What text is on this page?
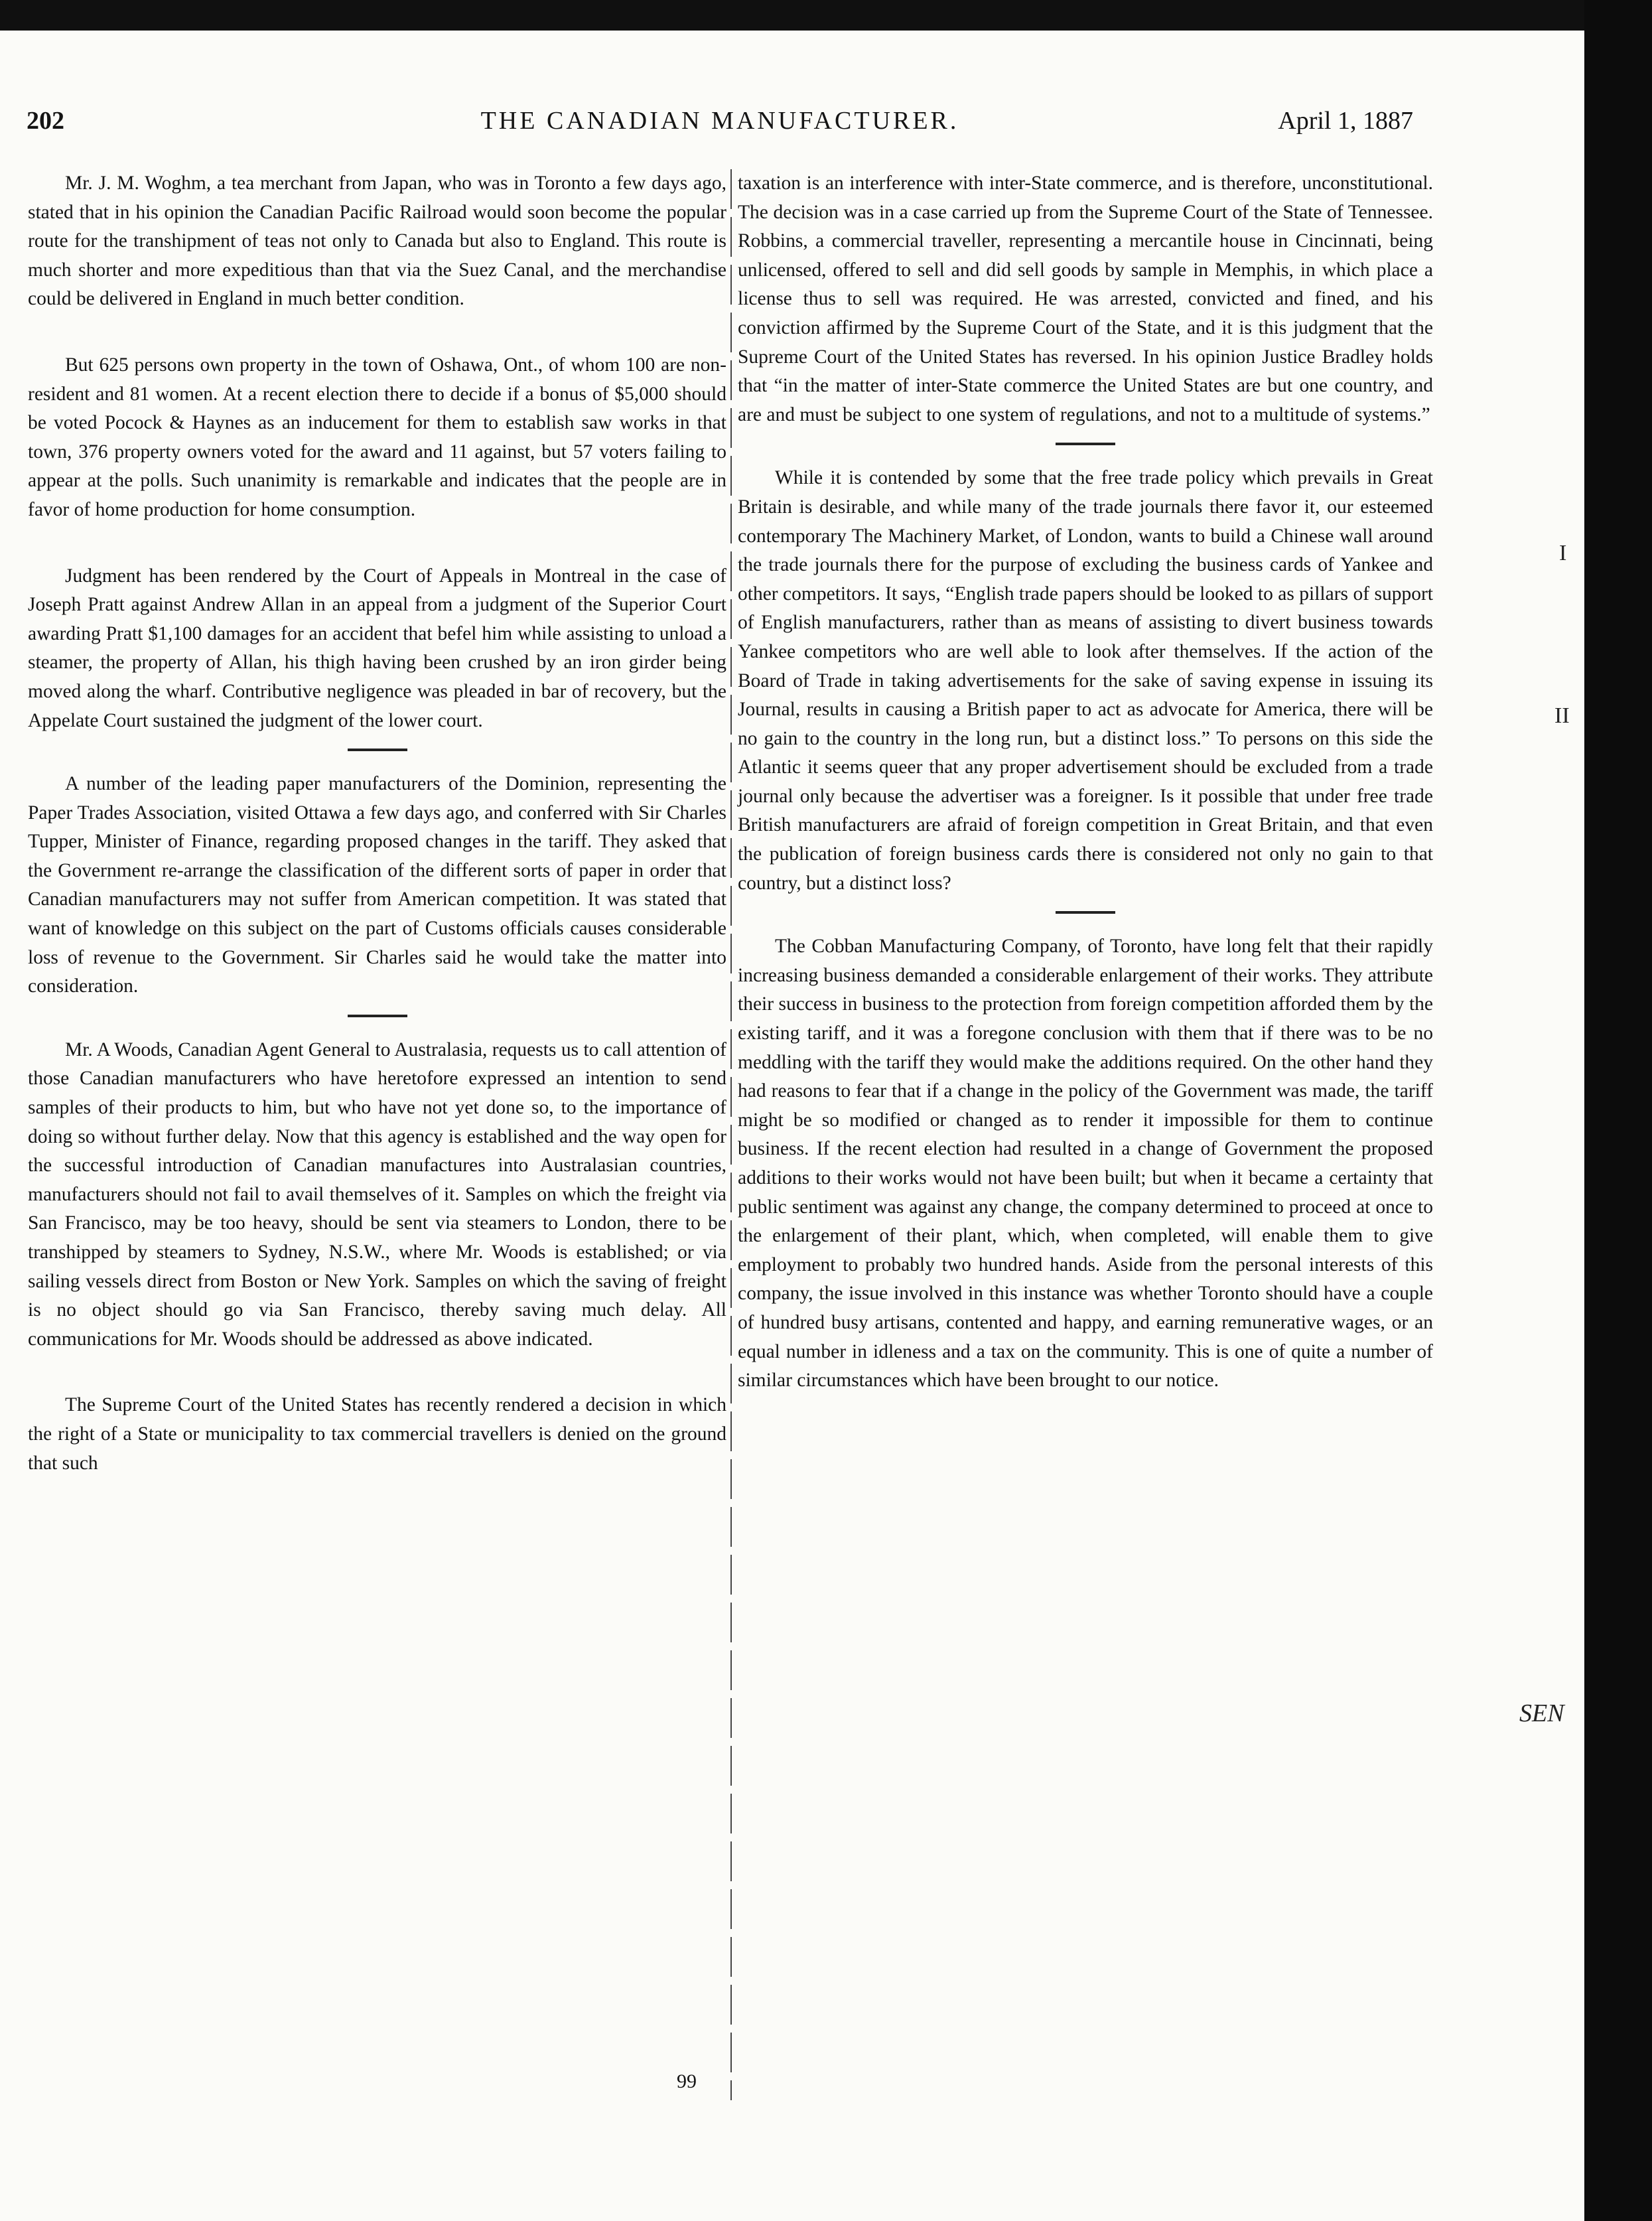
202	THE CANADIAN MANUFACTURER.	April 1, 1887

Mr. J. M. Woghm, a tea merchant from Japan, who was in Toronto a few days ago, stated that in his opinion the Canadian Pacific Railroad would soon become the popular route for the transhipment of teas not only to Canada but also to England. This route is much shorter and more expeditious than that via the Suez Canal, and the merchandise could be delivered in England in much better condition.

But 625 persons own property in the town of Oshawa, Ont., of whom 100 are non-resident and 81 women. At a recent election there to decide if a bonus of $5,000 should be voted Pocock & Haynes as an inducement for them to establish saw works in that town, 376 property owners voted for the award and 11 against, but 57 voters failing to appear at the polls. Such unanimity is remarkable and indicates that the people are in favor of home production for home consumption.

Judgment has been rendered by the Court of Appeals in Montreal in the case of Joseph Pratt against Andrew Allan in an appeal from a judgment of the Superior Court awarding Pratt $1,100 damages for an accident that befel him while assisting to unload a steamer, the property of Allan, his thigh having been crushed by an iron girder being moved along the wharf. Contributive negligence was pleaded in bar of recovery, but the Appelate Court sustained the judgment of the lower court.

A number of the leading paper manufacturers of the Dominion, representing the Paper Trades Association, visited Ottawa a few days ago, and conferred with Sir Charles Tupper, Minister of Finance, regarding proposed changes in the tariff. They asked that the Government re-arrange the classification of the different sorts of paper in order that Canadian manufacturers may not suffer from American competition. It was stated that want of knowledge on this subject on the part of Customs officials causes considerable loss of revenue to the Government. Sir Charles said he would take the matter into consideration.

Mr. A Woods, Canadian Agent General to Australasia, requests us to call attention of those Canadian manufacturers who have heretofore expressed an intention to send samples of their products to him, but who have not yet done so, to the importance of doing so without further delay. Now that this agency is established and the way open for the successful introduction of Canadian manufactures into Australasian countries, manufacturers should not fail to avail themselves of it. Samples on which the freight via San Francisco, may be too heavy, should be sent via steamers to London, there to be transhipped by steamers to Sydney, N.S.W., where Mr. Woods is established; or via sailing vessels direct from Boston or New York. Samples on which the saving of freight is no object should go via San Francisco, thereby saving much delay. All communications for Mr. Woods should be addressed as above indicated.

The Supreme Court of the United States has recently rendered a decision in which the right of a State or municipality to tax commercial travellers is denied on the ground that such

taxation is an interference with inter-State commerce, and is therefore, unconstitutional. The decision was in a case carried up from the Supreme Court of the State of Tennessee. Robbins, a commercial traveller, representing a mercantile house in Cincinnati, being unlicensed, offered to sell and did sell goods by sample in Memphis, in which place a license thus to sell was required. He was arrested, convicted and fined, and his conviction affirmed by the Supreme Court of the State, and it is this judgment that the Supreme Court of the United States has reversed. In his opinion Justice Bradley holds that “in the matter of inter-State commerce the United States are but one country, and are and must be subject to one system of regulations, and not to a multitude of systems.”

While it is contended by some that the free trade policy which prevails in Great Britain is desirable, and while many of the trade journals there favor it, our esteemed contemporary The Machinery Market, of London, wants to build a Chinese wall around the trade journals there for the purpose of excluding the business cards of Yankee and other competitors. It says, “English trade papers should be looked to as pillars of support of English manufacturers, rather than as means of assisting to divert business towards Yankee competitors who are well able to look after themselves. If the action of the Board of Trade in taking advertisements for the sake of saving expense in issuing its Journal, results in causing a British paper to act as advocate for America, there will be no gain to the country in the long run, but a distinct loss.” To persons on this side the Atlantic it seems queer that any proper advertisement should be excluded from a trade journal only because the advertiser was a foreigner. Is it possible that under free trade British manufacturers are afraid of foreign competition in Great Britain, and that even the publication of foreign business cards there is considered not only no gain to that country, but a distinct loss?

The Cobban Manufacturing Company, of Toronto, have long felt that their rapidly increasing business demanded a considerable enlargement of their works. They attribute their success in business to the protection from foreign competition afforded them by the existing tariff, and it was a foregone conclusion with them that if there was to be no meddling with the tariff they would make the additions required. On the other hand they had reasons to fear that if a change in the policy of the Government was made, the tariff might be so modified or changed as to render it impossible for them to continue business. If the recent election had resulted in a change of Government the proposed additions to their works would not have been built; but when it became a certainty that public sentiment was against any change, the company determined to proceed at once to the enlargement of their plant, which, when completed, will enable them to give employment to probably two hundred hands. Aside from the personal interests of this company, the issue involved in this instance was whether Toronto should have a couple of hundred busy artisans, contented and happy, and earning remunerative wages, or an equal number in idleness and a tax on the community. This is one of quite a number of similar circumstances which have been brought to our notice.

99
I
II
SEN
